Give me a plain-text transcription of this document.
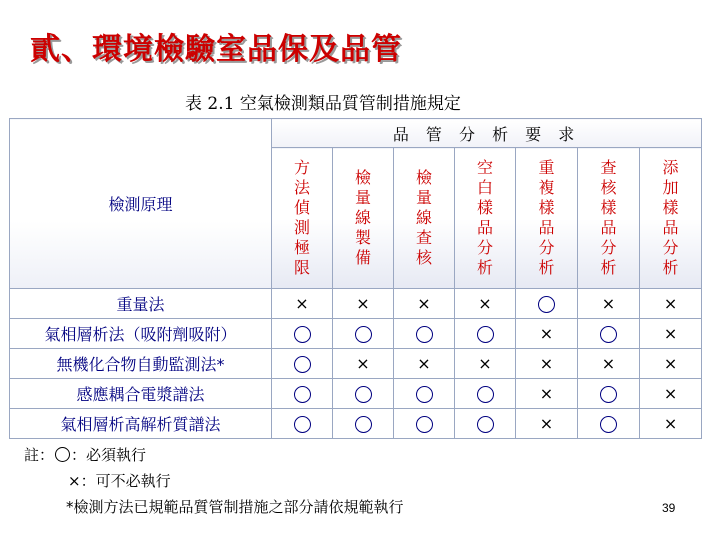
貳、環境檢驗室品保及品管
表 2.1 空氣檢測類品質管制措施規定
檢測原理	品 管 分 析 要 求						
	方法偵測極限	檢量線製備	檢量線查核	空白樣品分析	重複樣品分析	查核樣品分析	添加樣品分析
重量法	×	×	×	×		×	×
氣相層析法（吸附劑吸附）					×		×
無機化合物自動監測法*		×	×	×	×	×	×
感應耦合電漿譜法					×		×
氣相層析高解析質譜法					×		×
註： ：必須執行
×：可不必執行
*檢測方法已規範品質管制措施之部分請依規範執行	39
